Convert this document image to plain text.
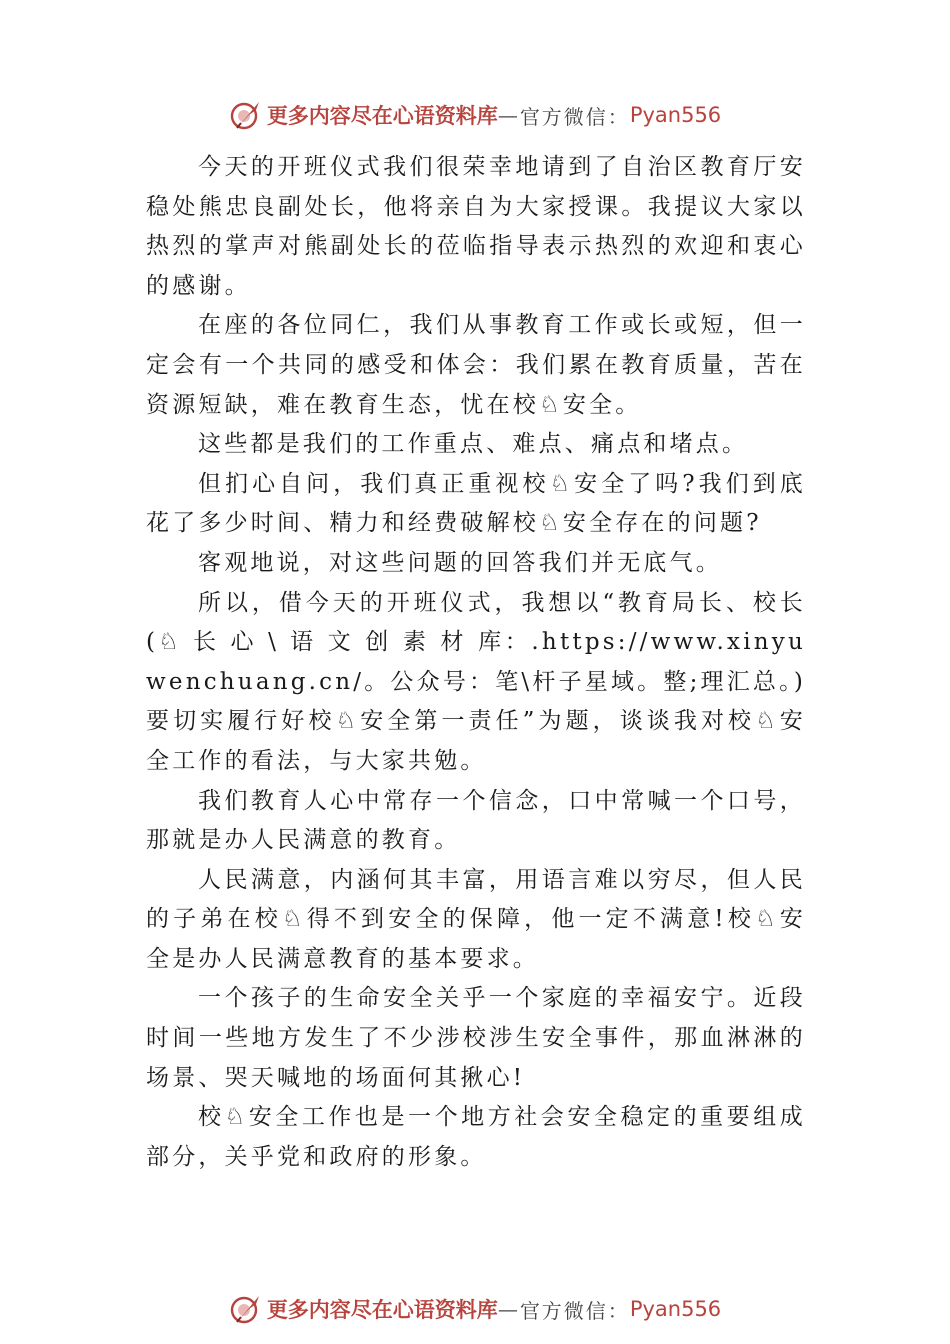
更多内容尽在心语资料库 — 官方微信： Pyan556

今天的开班仪式我们很荣幸地请到了自治区教育厅安稳处熊忠良副处长，他将亲自为大家授课。我提议大家以热烈的掌声对熊副处长的莅临指导表示热烈的欢迎和衷心的感谢。

在座的各位同仁，我们从事教育工作或长或短，但一定会有一个共同的感受和体会：我们累在教育质量，苦在资源短缺，难在教育生态，忧在校♘安全。

这些都是我们的工作重点、难点、痛点和堵点。

但扪心自问，我们真正重视校♘安全了吗?我们到底花了多少时间、精力和经费破解校♘安全存在的问题?

客观地说，对这些问题的回答我们并无底气。

所以，借今天的开班仪式，我想以“教育局长、校长(♘ 长 心 \ 语 文 创 素 材 库：.https://www.xinyuwenchuang.cn/。公众号：笔\杆子星域。整;理汇总。)要切实履行好校♘安全第一责任”为题，谈谈我对校♘安全工作的看法，与大家共勉。

我们教育人心中常存一个信念，口中常喊一个口号，那就是办人民满意的教育。

人民满意，内涵何其丰富，用语言难以穷尽，但人民的子弟在校♘得不到安全的保障，他一定不满意!校♘安全是办人民满意教育的基本要求。

一个孩子的生命安全关乎一个家庭的幸福安宁。近段时间一些地方发生了不少涉校涉生安全事件，那血淋淋的场景、哭天喊地的场面何其揪心!

校♘安全工作也是一个地方社会安全稳定的重要组成部分，关乎党和政府的形象。

更多内容尽在心语资料库 — 官方微信： Pyan556
